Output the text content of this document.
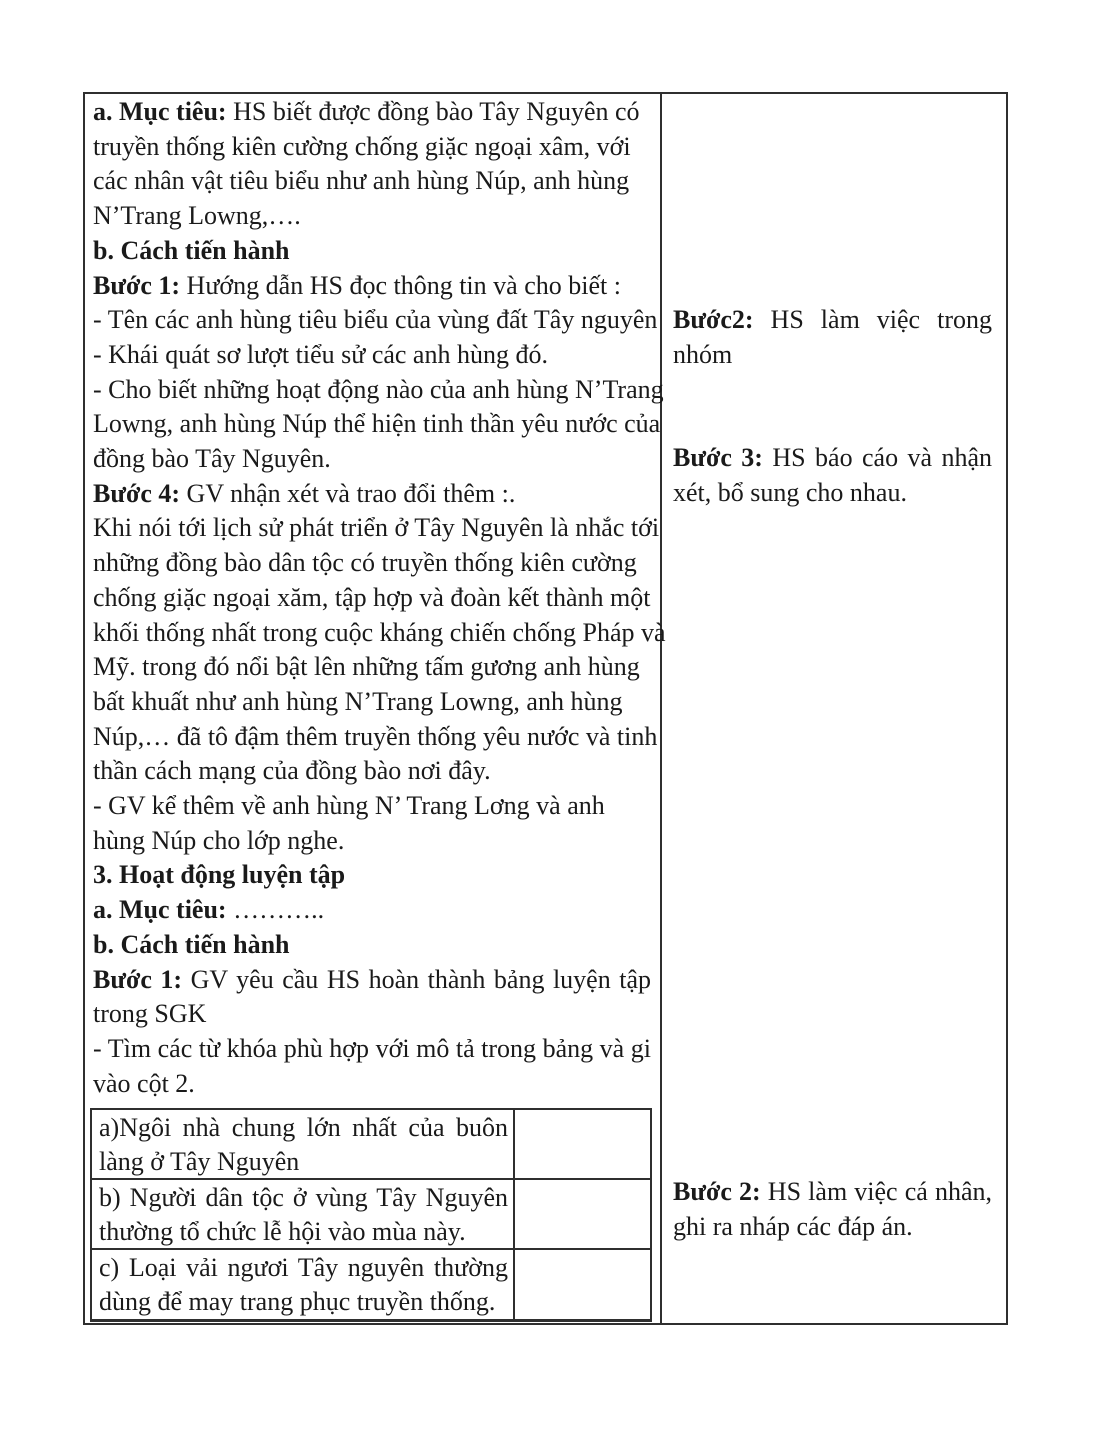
a. Mục tiêu: HS biết được đồng bào Tây Nguyên có
truyền thống kiên cường chống giặc ngoại xâm, với
các nhân vật tiêu biểu như anh hùng Núp, anh hùng
N’Trang Lowng,….
b. Cách tiến hành
Bước 1: Hướng dẫn HS đọc thông tin và cho biết :
- Tên các anh hùng tiêu biểu của vùng đất Tây nguyên
- Khái quát sơ lượt tiểu sử các anh hùng đó.
- Cho biết những hoạt động nào của anh hùng N’Trang
Lowng, anh hùng Núp thể hiện tinh thần yêu nước của
đồng bào Tây Nguyên.
Bước 4: GV nhận xét và trao đổi thêm :.
Khi nói tới lịch sử phát triển ở Tây Nguyên là nhắc tới
những đồng bào dân tộc có truyền thống kiên cường
chống giặc ngoại xăm, tập hợp và đoàn kết thành một
khối thống nhất trong cuộc kháng chiến chống Pháp và
Mỹ. trong đó nổi bật lên những tấm gương anh hùng
bất khuất như anh hùng N’Trang Lowng, anh hùng
Núp,… đã tô đậm thêm truyền thống yêu nước và tinh
thần cách mạng của đồng bào nơi đây.
- GV kể thêm về anh hùng N’ Trang Lơng và anh
hùng Núp cho lớp nghe.
3. Hoạt động luyện tập
a. Mục tiêu: ………..
b. Cách tiến hành
Bước 1: GV yêu cầu HS hoàn thành bảng luyện tập
trong SGK
- Tìm các từ khóa phù hợp với mô tả trong bảng và gi
vào cột 2.
a)Ngôi nhà chung lớn nhất của buôn
làng ở Tây Nguyên
b) Người dân tộc ở vùng Tây Nguyên
thường tổ chức lễ hội vào mùa này.
c) Loại vải ngươi Tây nguyên thường
dùng để may trang phục truyền thống.
Bước2: HS làm việc trong
nhóm
Bước 3: HS báo cáo và nhận
xét, bổ sung cho nhau.
Bước 2: HS làm việc cá nhân,
ghi ra nháp các đáp án.
